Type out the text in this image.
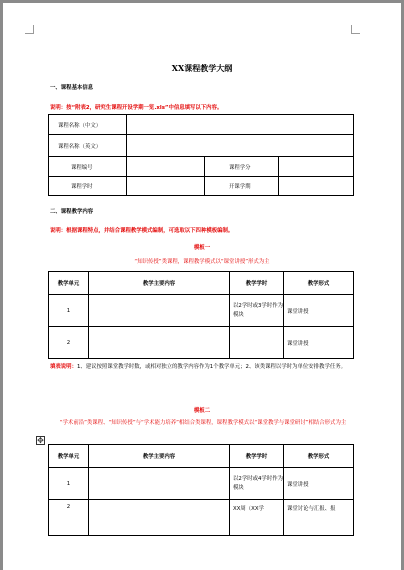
XX课程教学大纲
一、课程基本信息
说明：按“附表2，研究生课程开设学期一览.xls”中信息填写以下内容。
课程名称（中文）			
课程名称（英文）			
课程编号		课程学分	
课程学时		开课学期	
二、课程教学内容
说明：根据课程特点，并结合课程教学模式编制，可选取以下四种模板编制。
模板一
“知识传授”类课程，课程教学模式以“课堂讲授”形式为主
教学单元	教学主要内容	教学学时	教学形式
1		以2学时或3学时作为模块	课堂讲授
2			课堂讲授
填表说明：1、建议按照课堂教学时数，或相对独立的教学内容作为1个教学单元；2、该类课程以学时为单位安排教学任务。
模板二
“学术前沿”类课程、“知识传授”与“学术能力培养”相结合类课程，课程教学模式以“课堂教学与课堂研讨”相结合形式为主
✥
教学单元	教学主要内容	教学学时	教学形式
1		以2学时或4学时作为模块	课堂讲授
2		XX周（XX学	课堂讨论与汇报、报
